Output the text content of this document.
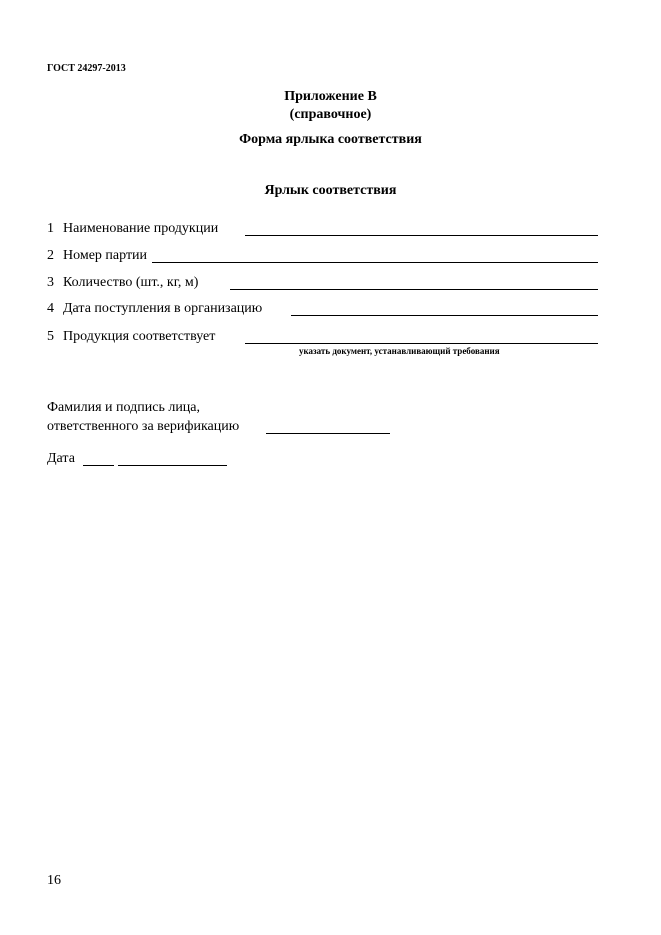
ГОСТ 24297-2013
Приложение В
(справочное)
Форма ярлыка соответствия
Ярлык соответствия
1 Наименование продукции
2 Номер партии
3 Количество (шт., кг, м)
4 Дата поступления в организацию
5 Продукция соответствует
указать документ, устанавливающий требования
Фамилия и подпись лица,
ответственного за верификацию
Дата
16
